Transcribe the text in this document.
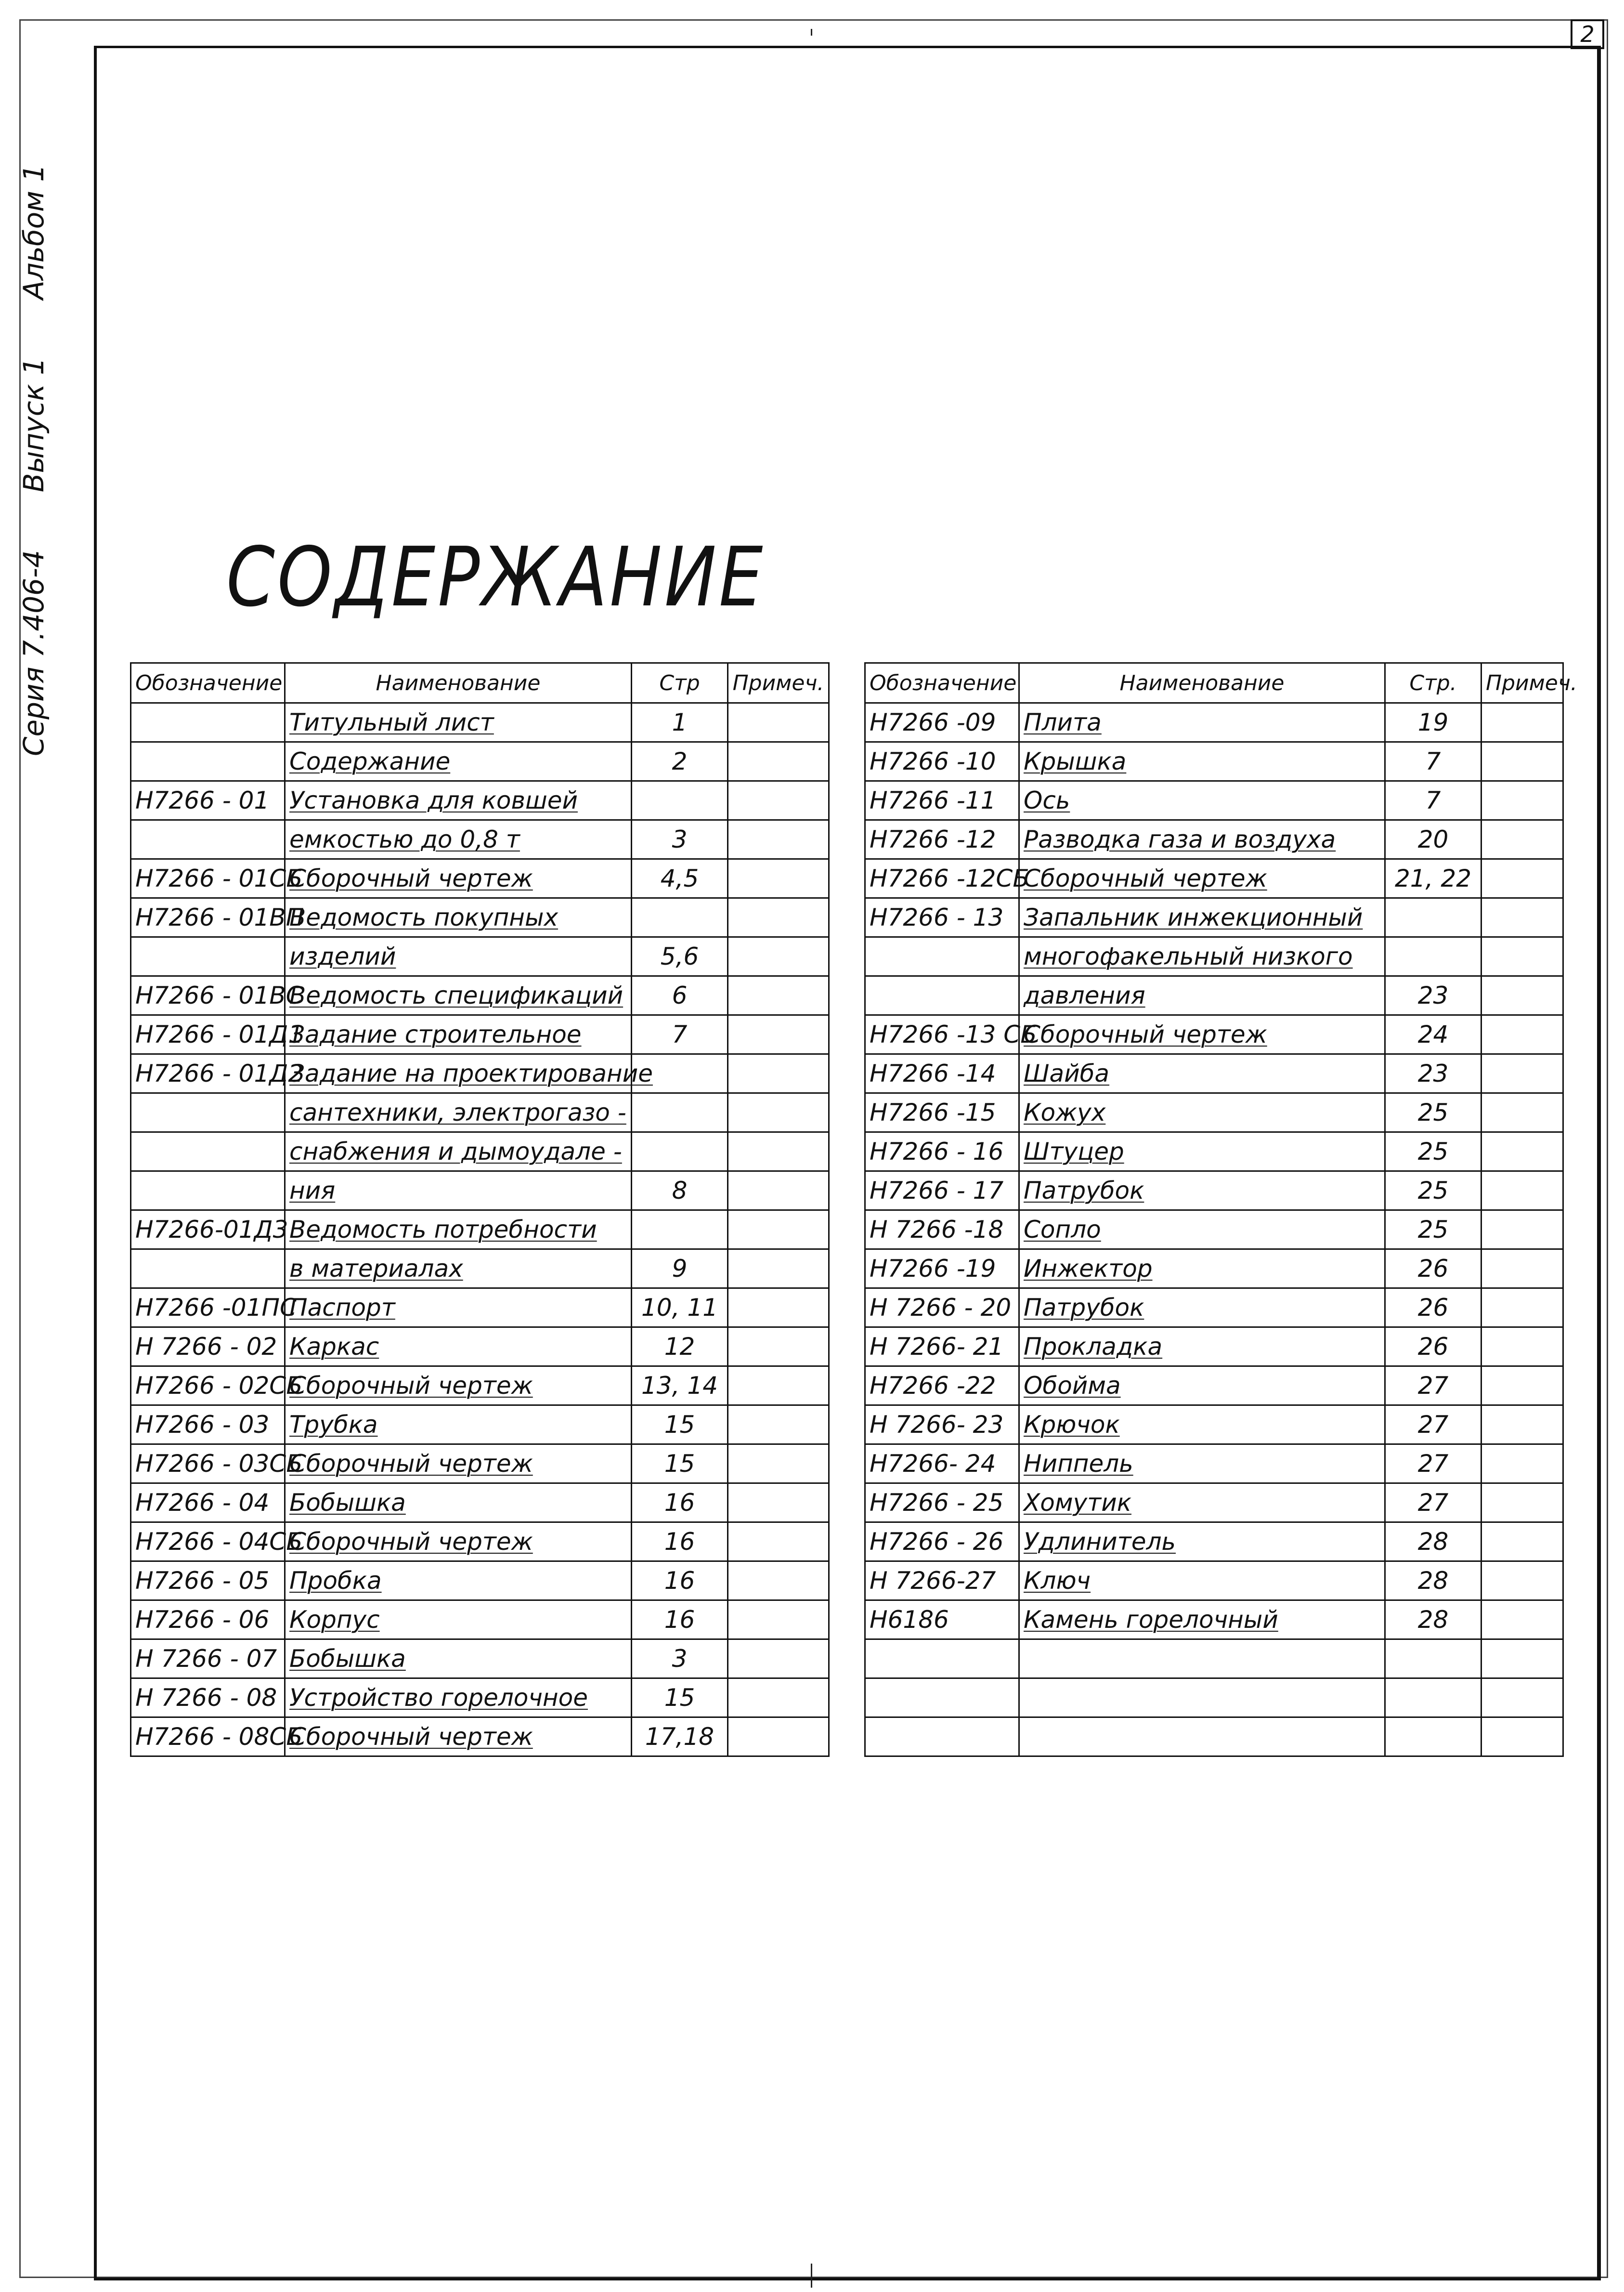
2
Серия 7.406-4
Выпуск 1
Альбом 1
СОДЕРЖАНИЕ
Обозначение	Наименование	Стр	Примеч.
	Титульный лист	1	
	Содержание	2	
Н7266 - 01	Установка для ковшей		
	емкостью до 0,8 т	3	
Н7266 - 01СБ	Сборочный чертеж	4,5	
Н7266 - 01ВП	Ведомость покупных		
	изделий	5,6	
Н7266 - 01ВС	Ведомость спецификаций	6	
Н7266 - 01Д1	Задание строительное	7	
Н7266 - 01Д2	Задание на проектирование		
	сантехники, электрогазо -		
	снабжения и дымоудале -		
	ния	8	
Н7266-01Д3	Ведомость потребности		
	в материалах	9	
Н7266 -01ПС	Паспорт	10, 11	
Н 7266 - 02	Каркас	12	
Н7266 - 02СБ	Сборочный чертеж	13, 14	
Н7266 - 03	Трубка	15	
Н7266 - 03СБ	Сборочный чертеж	15	
Н7266 - 04	Бобышка	16	
Н7266 - 04СБ	Сборочный чертеж	16	
Н7266 - 05	Пробка	16	
Н7266 - 06	Корпус	16	
Н 7266 - 07	Бобышка	3	
Н 7266 - 08	Устройство горелочное	15	
Н7266 - 08СБ	Сборочный чертеж	17,18	
Обозначение	Наименование	Стр.	Примеч.
Н7266 -09	Плита	19	
Н7266 -10	Крышка	7	
Н7266 -11	Ось	7	
Н7266 -12	Разводка газа и воздуха	20	
Н7266 -12СБ	Сборочный чертеж	21, 22	
Н7266 - 13	Запальник инжекционный		
	многофакельный низкого		
	давления	23	
Н7266 -13 СБ	Сборочный чертеж	24	
Н7266 -14	Шайба	23	
Н7266 -15	Кожух	25	
Н7266 - 16	Штуцер	25	
Н7266 - 17	Патрубок	25	
Н 7266 -18	Сопло	25	
Н7266 -19	Инжектор	26	
Н 7266 - 20	Патрубок	26	
Н 7266- 21	Прокладка	26	
Н7266 -22	Обойма	27	
Н 7266- 23	Крючок	27	
Н7266- 24	Ниппель	27	
Н7266 - 25	Хомутик	27	
Н7266 - 26	Удлинитель	28	
Н 7266-27	Ключ	28	
Н6186	Камень горелочный	28	
